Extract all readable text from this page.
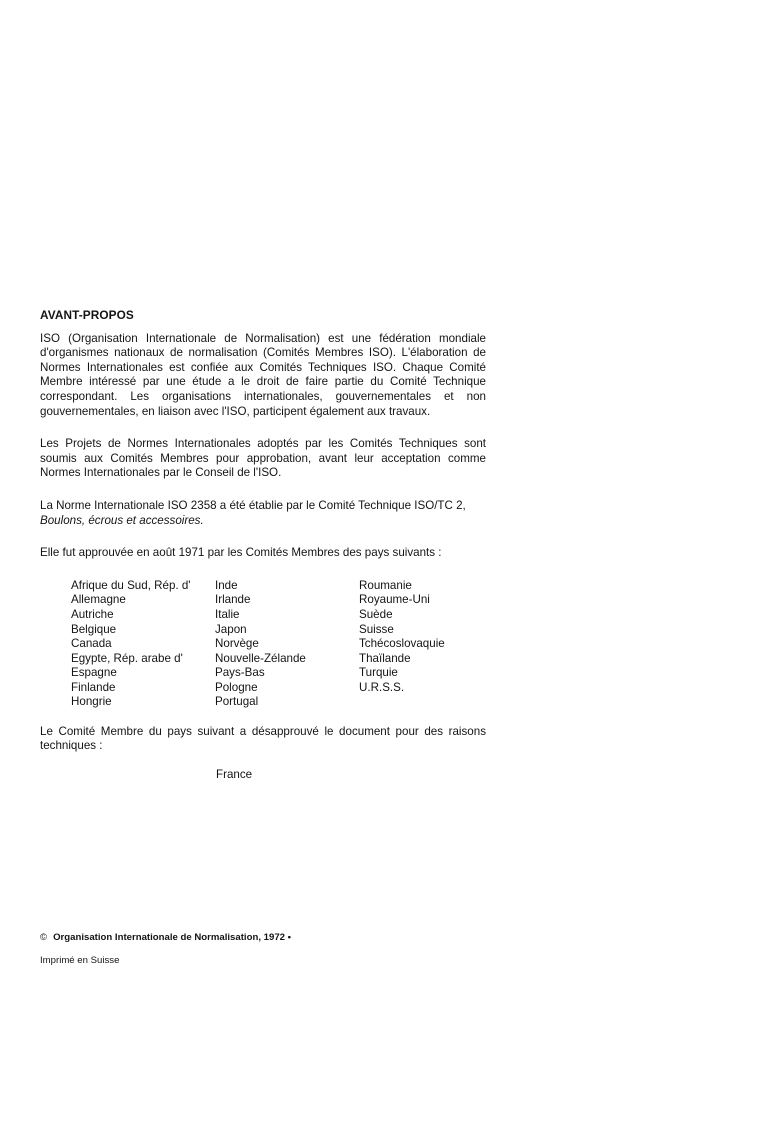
AVANT-PROPOS

ISO (Organisation Internationale de Normalisation) est une fédération mondiale d'organismes nationaux de normalisation (Comités Membres ISO). L'élaboration de Normes Internationales est confiée aux Comités Techniques ISO. Chaque Comité Membre intéressé par une étude a le droit de faire partie du Comité Technique correspondant. Les organisations internationales, gouvernementales et non gouvernementales, en liaison avec l'ISO, participent également aux travaux.

Les Projets de Normes Internationales adoptés par les Comités Techniques sont soumis aux Comités Membres pour approbation, avant leur acceptation comme Normes Internationales par le Conseil de l'ISO.

La Norme Internationale ISO 2358 a été établie par le Comité Technique ISO/TC 2,
Boulons, écrous et accessoires.

Elle fut approuvée en août 1971 par les Comités Membres des pays suivants :

Afrique du Sud, Rép. d'
Allemagne
Autriche
Belgique
Canada
Egypte, Rép. arabe d'
Espagne
Finlande
Hongrie
Inde
Irlande
Italie
Japon
Norvège
Nouvelle-Zélande
Pays-Bas
Pologne
Portugal
Roumanie
Royaume-Uni
Suède
Suisse
Tchécoslovaquie
Thaïlande
Turquie
U.R.S.S.

Le Comité Membre du pays suivant a désapprouvé le document pour des raisons techniques :

France

© Organisation Internationale de Normalisation, 1972 •

Imprimé en Suisse
